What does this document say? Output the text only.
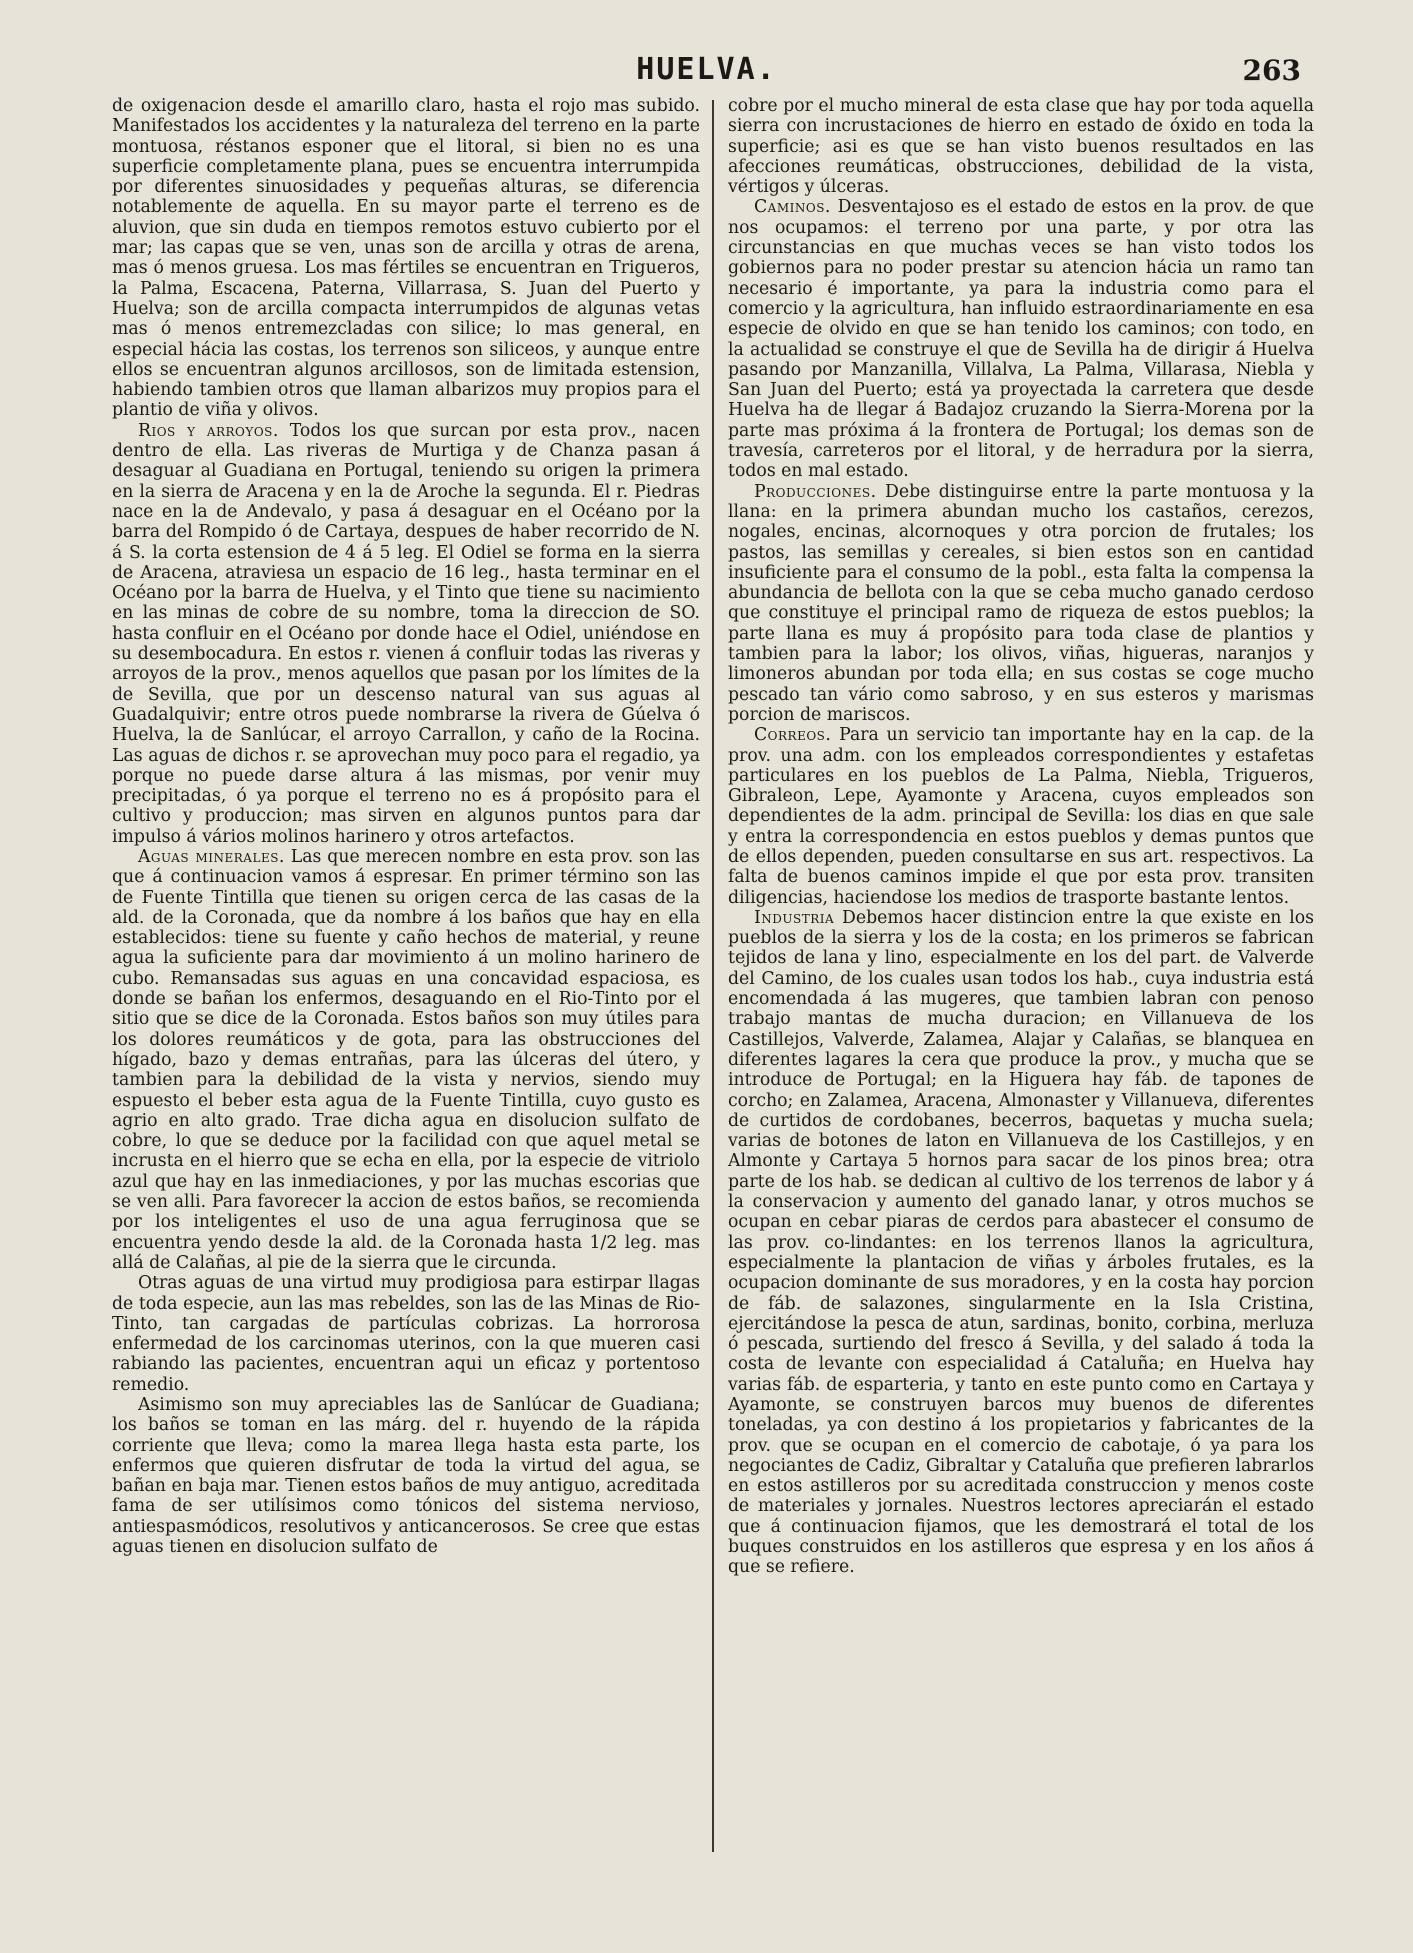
HUELVA.	263

de oxigenacion desde el amarillo claro, hasta el rojo mas subido. Manifestados los accidentes y la naturaleza del terreno en la parte montuosa, réstanos esponer que el litoral, si bien no es una superficie completamente plana, pues se encuentra interrumpida por diferentes sinuosidades y pequeñas alturas, se diferencia notablemente de aquella. En su mayor parte el terreno es de aluvion, que sin duda en tiempos remotos estuvo cubierto por el mar; las capas que se ven, unas son de arcilla y otras de arena, mas ó menos gruesa. Los mas fértiles se encuentran en Trigueros, la Palma, Escacena, Paterna, Villarrasa, S. Juan del Puerto y Huelva; son de arcilla compacta interrumpidos de algunas vetas mas ó menos entremezcladas con silice; lo mas general, en especial hácia las costas, los terrenos son siliceos, y aunque entre ellos se encuentran algunos arcillosos, son de limitada estension, habiendo tambien otros que llaman albarizos muy propios para el plantio de viña y olivos.

Rios y arroyos. Todos los que surcan por esta prov., nacen dentro de ella. Las riveras de Murtiga y de Chanza pasan á desaguar al Guadiana en Portugal, teniendo su origen la primera en la sierra de Aracena y en la de Aroche la segunda. El r. Piedras nace en la de Andevalo, y pasa á desaguar en el Océano por la barra del Rompido ó de Cartaya, despues de haber recorrido de N. á S. la corta estension de 4 á 5 leg. El Odiel se forma en la sierra de Aracena, atraviesa un espacio de 16 leg., hasta terminar en el Océano por la barra de Huelva, y el Tinto que tiene su nacimiento en las minas de cobre de su nombre, toma la direccion de SO. hasta confluir en el Océano por donde hace el Odiel, uniéndose en su desembocadura. En estos r. vienen á confluir todas las riveras y arroyos de la prov., menos aquellos que pasan por los límites de la de Sevilla, que por un descenso natural van sus aguas al Guadalquivir; entre otros puede nombrarse la rivera de Gúelva ó Huelva, la de Sanlúcar, el arroyo Carrallon, y caño de la Rocina. Las aguas de dichos r. se aprovechan muy poco para el regadio, ya porque no puede darse altura á las mismas, por venir muy precipitadas, ó ya porque el terreno no es á propósito para el cultivo y produccion; mas sirven en algunos puntos para dar impulso á vários molinos harinero y otros artefactos.

Aguas minerales. Las que merecen nombre en esta prov. son las que á continuacion vamos á espresar. En primer término son las de Fuente Tintilla que tienen su origen cerca de las casas de la ald. de la Coronada, que da nombre á los baños que hay en ella establecidos: tiene su fuente y caño hechos de material, y reune agua la suficiente para dar movimiento á un molino harinero de cubo. Remansadas sus aguas en una concavidad espaciosa, es donde se bañan los enfermos, desaguando en el Rio-Tinto por el sitio que se dice de la Coronada. Estos baños son muy útiles para los dolores reumáticos y de gota, para las obstrucciones del hígado, bazo y demas entrañas, para las úlceras del útero, y tambien para la debilidad de la vista y nervios, siendo muy espuesto el beber esta agua de la Fuente Tintilla, cuyo gusto es agrio en alto grado. Trae dicha agua en disolucion sulfato de cobre, lo que se deduce por la facilidad con que aquel metal se incrusta en el hierro que se echa en ella, por la especie de vitriolo azul que hay en las inmediaciones, y por las muchas escorias que se ven alli. Para favorecer la accion de estos baños, se recomienda por los inteligentes el uso de una agua ferruginosa que se encuentra yendo desde la ald. de la Coronada hasta 1/2 leg. mas allá de Calañas, al pie de la sierra que le circunda.

Otras aguas de una virtud muy prodigiosa para estirpar llagas de toda especie, aun las mas rebeldes, son las de las Minas de Rio-Tinto, tan cargadas de partículas cobrizas. La horrorosa enfermedad de los carcinomas uterinos, con la que mueren casi rabiando las pacientes, encuentran aqui un eficaz y portentoso remedio.

Asimismo son muy apreciables las de Sanlúcar de Guadiana; los baños se toman en las márg. del r. huyendo de la rápida corriente que lleva; como la marea llega hasta esta parte, los enfermos que quieren disfrutar de toda la virtud del agua, se bañan en baja mar. Tienen estos baños de muy antiguo, acreditada fama de ser utilísimos como tónicos del sistema nervioso, antiespasmódicos, resolutivos y anticancerosos. Se cree que estas aguas tienen en disolucion sulfato de

cobre por el mucho mineral de esta clase que hay por toda aquella sierra con incrustaciones de hierro en estado de óxido en toda la superficie; asi es que se han visto buenos resultados en las afecciones reumáticas, obstrucciones, debilidad de la vista, vértigos y úlceras.

Caminos. Desventajoso es el estado de estos en la prov. de que nos ocupamos: el terreno por una parte, y por otra las circunstancias en que muchas veces se han visto todos los gobiernos para no poder prestar su atencion hácia un ramo tan necesario é importante, ya para la industria como para el comercio y la agricultura, han influido estraordinariamente en esa especie de olvido en que se han tenido los caminos; con todo, en la actualidad se construye el que de Sevilla ha de dirigir á Huelva pasando por Manzanilla, Villalva, La Palma, Villarasa, Niebla y San Juan del Puerto; está ya proyectada la carretera que desde Huelva ha de llegar á Badajoz cruzando la Sierra-Morena por la parte mas próxima á la frontera de Portugal; los demas son de travesía, carreteros por el litoral, y de herradura por la sierra, todos en mal estado.

Producciones. Debe distinguirse entre la parte montuosa y la llana: en la primera abundan mucho los castaños, cerezos, nogales, encinas, alcornoques y otra porcion de frutales; los pastos, las semillas y cereales, si bien estos son en cantidad insuficiente para el consumo de la pobl., esta falta la compensa la abundancia de bellota con la que se ceba mucho ganado cerdoso que constituye el principal ramo de riqueza de estos pueblos; la parte llana es muy á propósito para toda clase de plantios y tambien para la labor; los olivos, viñas, higueras, naranjos y limoneros abundan por toda ella; en sus costas se coge mucho pescado tan vário como sabroso, y en sus esteros y marismas porcion de mariscos.

Correos. Para un servicio tan importante hay en la cap. de la prov. una adm. con los empleados correspondientes y estafetas particulares en los pueblos de La Palma, Niebla, Trigueros, Gibraleon, Lepe, Ayamonte y Aracena, cuyos empleados son dependientes de la adm. principal de Sevilla: los dias en que sale y entra la correspondencia en estos pueblos y demas puntos que de ellos dependen, pueden consultarse en sus art. respectivos. La falta de buenos caminos impide el que por esta prov. transiten diligencias, haciendose los medios de trasporte bastante lentos.

Industria Debemos hacer distincion entre la que existe en los pueblos de la sierra y los de la costa; en los primeros se fabrican tejidos de lana y lino, especialmente en los del part. de Valverde del Camino, de los cuales usan todos los hab., cuya industria está encomendada á las mugeres, que tambien labran con penoso trabajo mantas de mucha duracion; en Villanueva de los Castillejos, Valverde, Zalamea, Alajar y Calañas, se blanquea en diferentes lagares la cera que produce la prov., y mucha que se introduce de Portugal; en la Higuera hay fáb. de tapones de corcho; en Zalamea, Aracena, Almonaster y Villanueva, diferentes de curtidos de cordobanes, becerros, baquetas y mucha suela; varias de botones de laton en Villanueva de los Castillejos, y en Almonte y Cartaya 5 hornos para sacar de los pinos brea; otra parte de los hab. se dedican al cultivo de los terrenos de labor y á la conservacion y aumento del ganado lanar, y otros muchos se ocupan en cebar piaras de cerdos para abastecer el consumo de las prov. co-lindantes: en los terrenos llanos la agricultura, especialmente la plantacion de viñas y árboles frutales, es la ocupacion dominante de sus moradores, y en la costa hay porcion de fáb. de salazones, singularmente en la Isla Cristina, ejercitándose la pesca de atun, sardinas, bonito, corbina, merluza ó pescada, surtiendo del fresco á Sevilla, y del salado á toda la costa de levante con especialidad á Cataluña; en Huelva hay varias fáb. de esparteria, y tanto en este punto como en Cartaya y Ayamonte, se construyen barcos muy buenos de diferentes toneladas, ya con destino á los propietarios y fabricantes de la prov. que se ocupan en el comercio de cabotaje, ó ya para los negociantes de Cadiz, Gibraltar y Cataluña que prefieren labrarlos en estos astilleros por su acreditada construccion y menos coste de materiales y jornales. Nuestros lectores apreciarán el estado que á continuacion fijamos, que les demostrará el total de los buques construidos en los astilleros que espresa y en los años á que se refiere.
